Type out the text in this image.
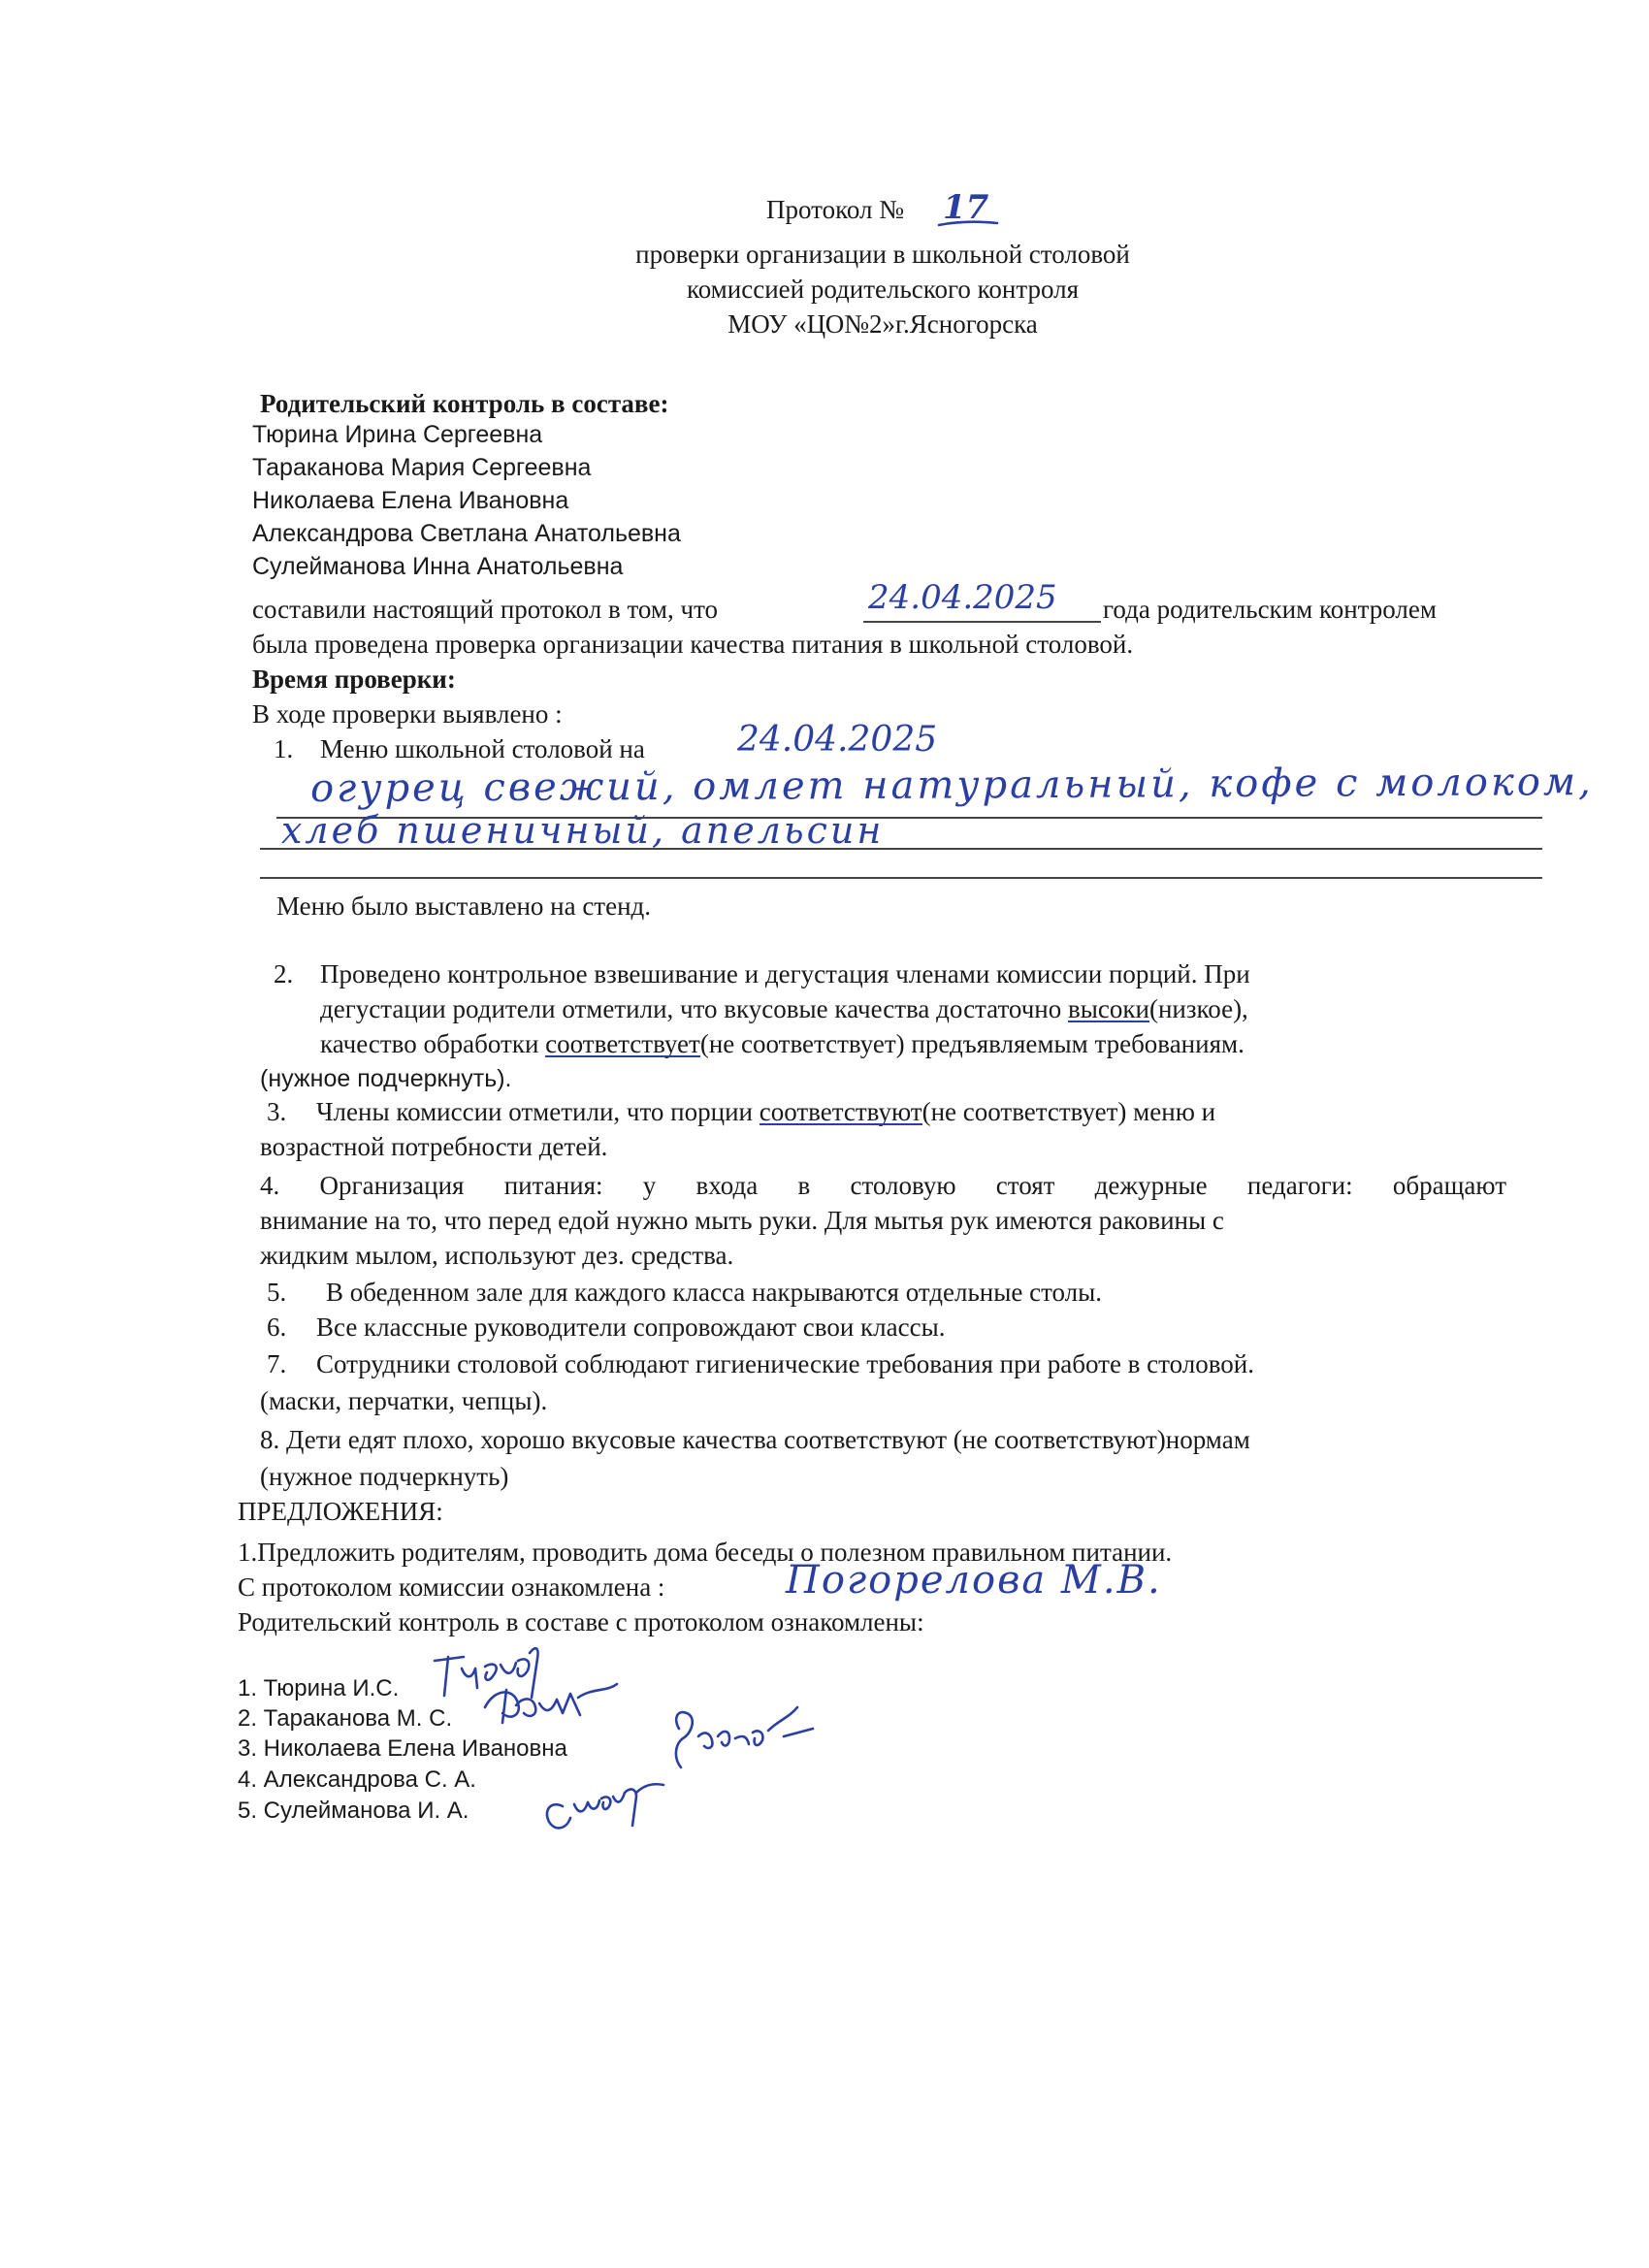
Протокол № 17
проверки организации в школьной столовой
комиссией родительского контроля
МОУ «ЦО№2»г.Ясногорска
Родительский контроль в составе:
Тюрина Ирина Сергеевна
Тараканова Мария Сергеевна
Николаева Елена Ивановна
Александрова Светлана Анатольевна
Сулейманова Инна Анатольевна
составили настоящий протокол в том, что	24.04.2025 года родительским контролем
была проведена проверка организации качества питания в школьной столовой.
Время проверки:
В ходе проверки выявлено :
1. Меню школьной столовой на	24.04.2025
огурец свежий, омлет натуральный, кофе с молоком,
хлеб пшеничный, апельсин
Меню было выставлено на стенд.
2. Проведено контрольное взвешивание и дегустация членами комиссии порций. При
дегустации родители отметили, что вкусовые качества достаточно высоки(низкое),
качество обработки соответствует(не соответствует) предъявляемым требованиям.
(нужное подчеркнуть).
3. Члены комиссии отметили, что порции соответствуют(не соответствует) меню и
возрастной потребности детей.
4. Организация питания: у входа в столовую стоят дежурные педагоги: обращают
внимание на то, что перед едой нужно мыть руки. Для мытья рук имеются раковины с
жидким мылом, используют дез. средства.
5. В обеденном зале для каждого класса накрываются отдельные столы.
6. Все классные руководители сопровождают свои классы.
7. Сотрудники столовой соблюдают гигиенические требования при работе в столовой.
(маски, перчатки, чепцы).
8. Дети едят плохо, хорошо вкусовые качества соответствуют (не соответствуют)нормам
(нужное подчеркнуть)
ПРЕДЛОЖЕНИЯ:
1.Предложить родителям, проводить дома беседы о полезном правильном питании.
С протоколом комиссии ознакомлена :	Погорелова М.В.
Родительский контроль в составе с протоколом ознакомлены:
1. Тюрина И.С.
2. Тараканова М. С.
3. Николаева Елена Ивановна
4. Александрова С. А.
5. Сулейманова И. А.
